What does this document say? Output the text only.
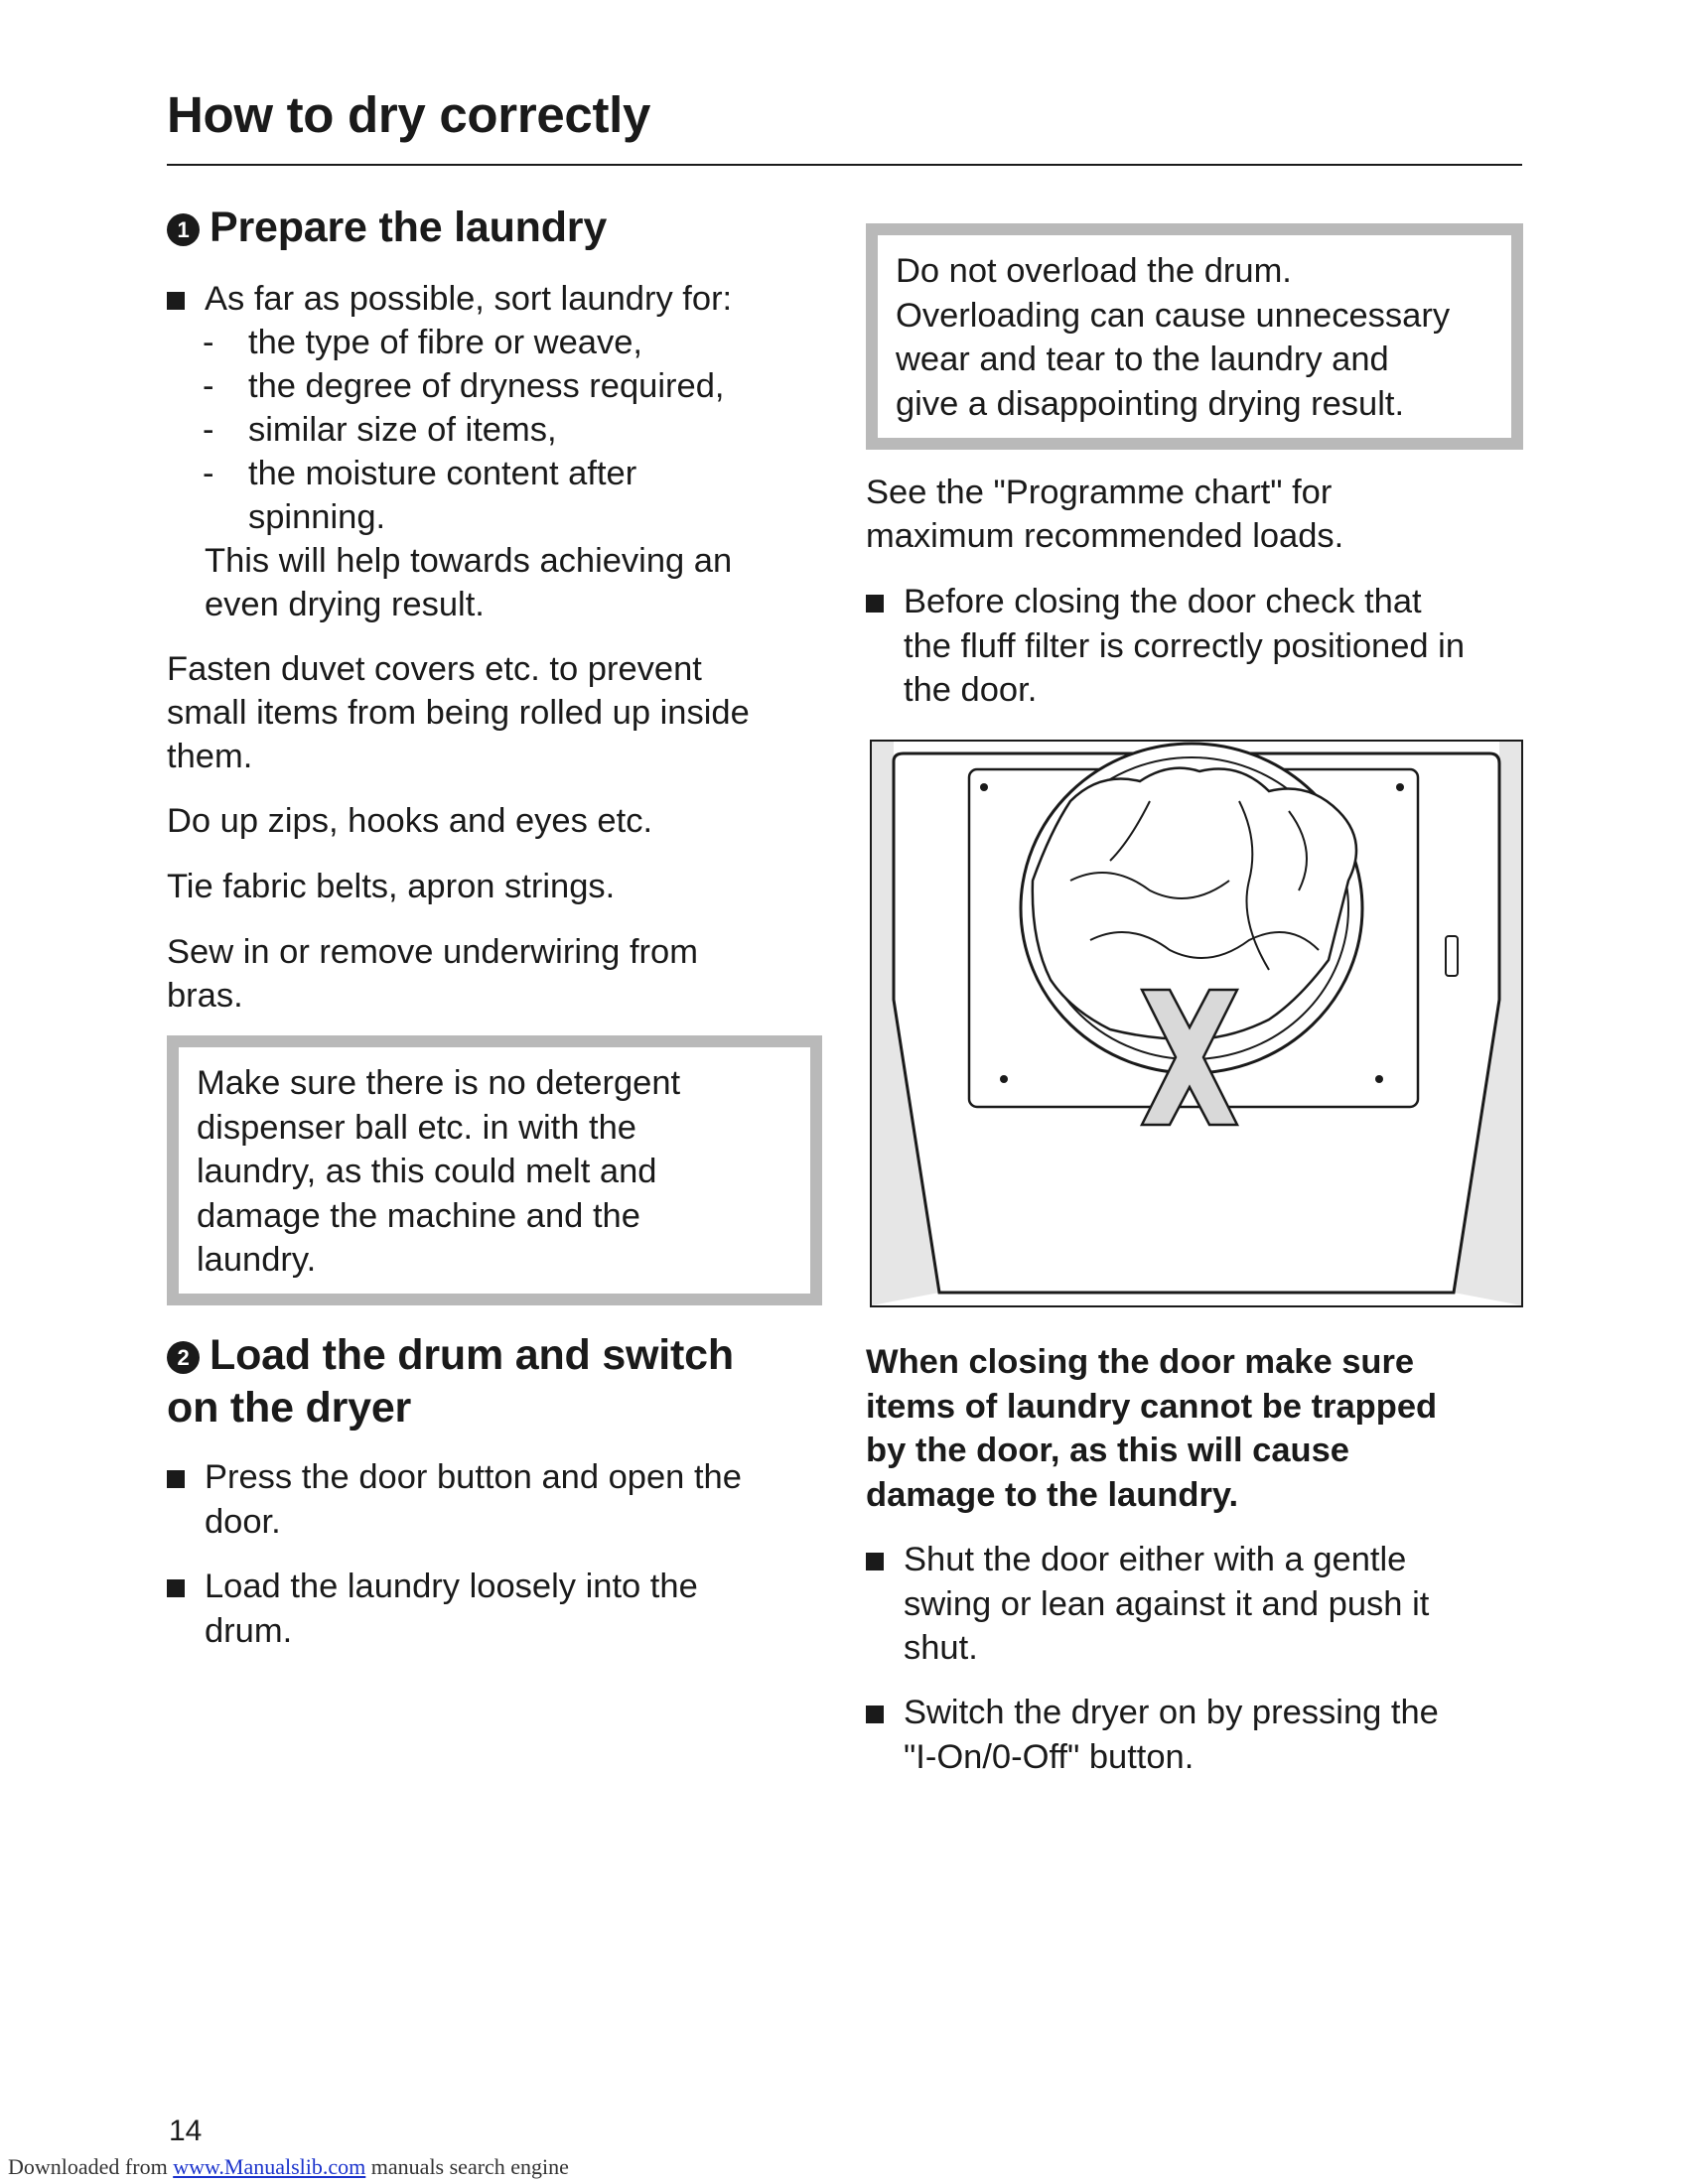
How to dry correctly
1 Prepare the laundry
As far as possible, sort laundry for:
- the type of fibre or weave,
- the degree of dryness required,
- similar size of items,
- the moisture content after
spinning.
This will help towards achieving an
even drying result.
Fasten duvet covers etc. to prevent
small items from being rolled up inside
them.
Do up zips, hooks and eyes etc.
Tie fabric belts, apron strings.
Sew in or remove underwiring from
bras.
Make sure there is no detergent
dispenser ball etc. in with the
laundry, as this could melt and
damage the machine and the
laundry.
2 Load the drum and switch
on the dryer
Press the door button and open the
door.
Load the laundry loosely into the
drum.
Do not overload the drum.
Overloading can cause unnecessary
wear and tear to the laundry and
give a disappointing drying result.
See the "Programme chart" for
maximum recommended loads.
Before closing the door check that
the fluff filter is correctly positioned in
the door.
When closing the door make sure
items of laundry cannot be trapped
by the door, as this will cause
damage to the laundry.
Shut the door either with a gentle
swing or lean against it and push it
shut.
Switch the dryer on by pressing the
"I-On/0-Off" button.
14
Downloaded from www.Manualslib.com manuals search engine
